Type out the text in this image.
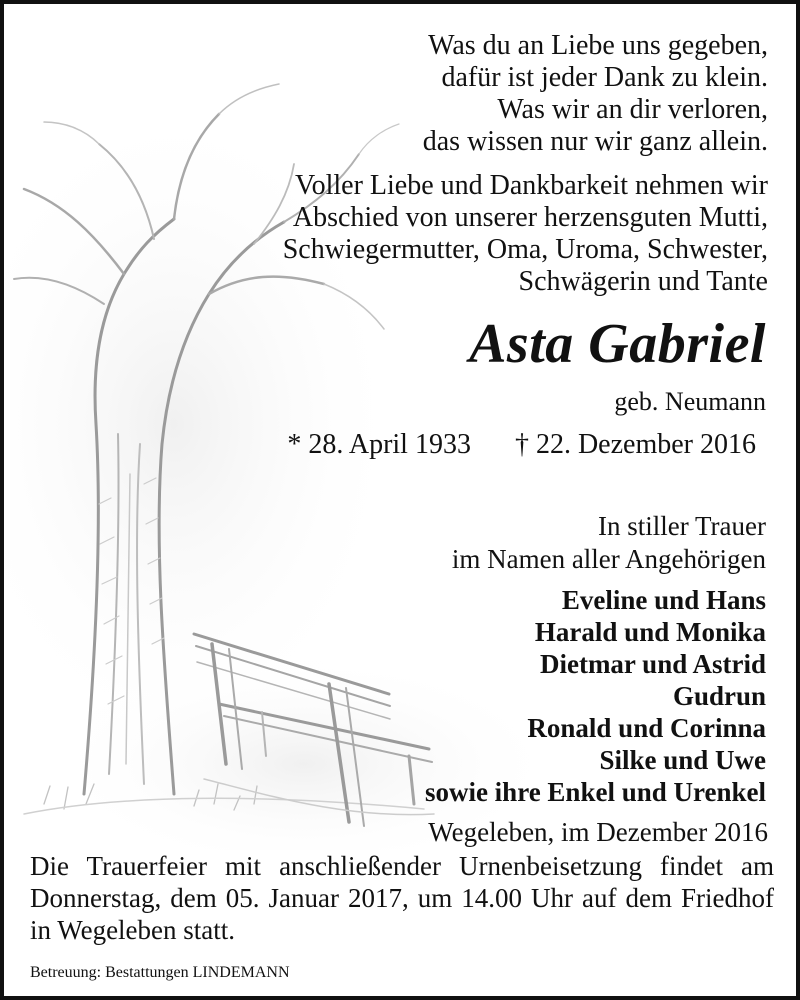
Was du an Liebe uns gegeben,
dafür ist jeder Dank zu klein.
Was wir an dir verloren,
das wissen nur wir ganz allein.
Voller Liebe und Dankbarkeit nehmen wir
Abschied von unserer herzensguten Mutti,
Schwiegermutter, Oma, Uroma, Schwester,
Schwägerin und Tante
Asta Gabriel
geb. Neumann
* 28. April 1933 † 22. Dezember 2016
In stiller Trauer
im Namen aller Angehörigen
Eveline und Hans
Harald und Monika
Dietmar und Astrid
Gudrun
Ronald und Corinna
Silke und Uwe
sowie ihre Enkel und Urenkel
Wegeleben, im Dezember 2016
Die Trauerfeier mit anschließender Urnenbeisetzung findet am Donnerstag, dem 05. Januar 2017, um 14.00 Uhr auf dem Friedhof in Wegeleben statt.
Betreuung: Bestattungen LINDEMANN
